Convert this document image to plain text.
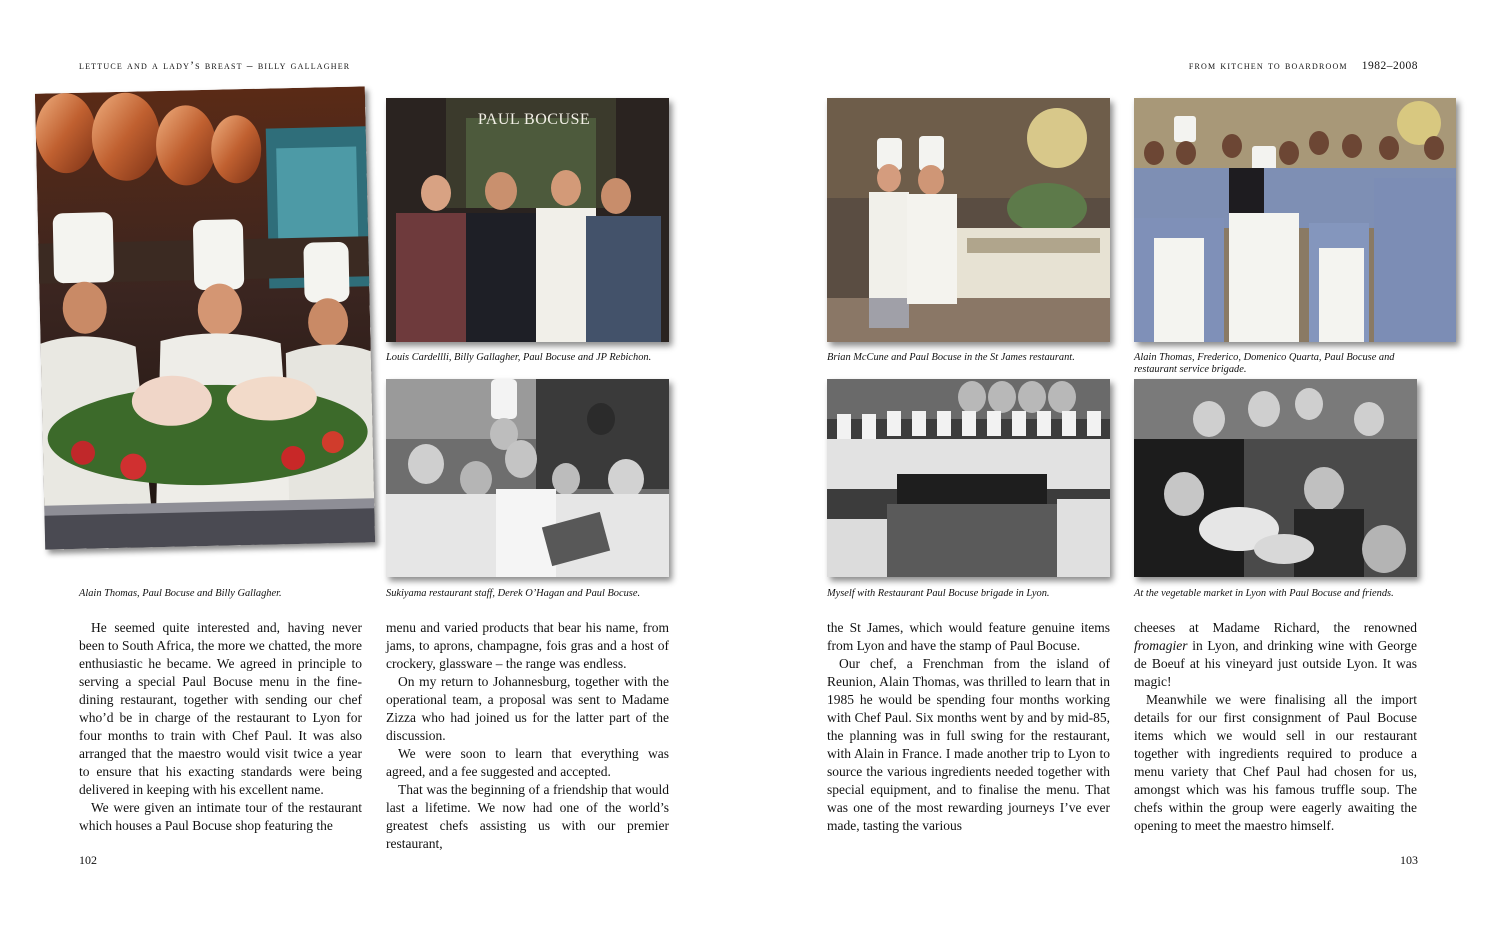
lettuce and a lady’s breast – billy gallagher	from kitchen to boardroom 1982–2008
Alain Thomas, Paul Bocuse and Billy Gallagher.
PAUL BOCUSE
Louis Cardellli, Billy Gallagher, Paul Bocuse and JP Rebichon.
Sukiyama restaurant staff, Derek O’Hagan and Paul Bocuse.
Brian McCune and Paul Bocuse in the St James restaurant.	Alain Thomas, Frederico, Domenico Quarta, Paul Bocuse and restaurant service brigade.
Myself with Restaurant Paul Bocuse brigade in Lyon.	At the vegetable market in Lyon with Paul Bocuse and friends.

He seemed quite interested and, having never been to South Africa, the more we chatted, the more enthusiastic he became. We agreed in principle to serving a special Paul Bocuse menu in the fine-dining restaurant, together with sending our chef who’d be in charge of the restaurant to Lyon for four months to train with Chef Paul. It was also arranged that the maestro would visit twice a year to ensure that his exacting standards were being delivered in keeping with his excellent name.

We were given an intimate tour of the restaurant which houses a Paul Bocuse shop featuring the

menu and varied products that bear his name, from jams, to aprons, champagne, fois gras and a host of crockery, glassware – the range was endless.

On my return to Johannesburg, together with the operational team, a proposal was sent to Madame Zizza who had joined us for the latter part of the discussion.

We were soon to learn that everything was agreed, and a fee suggested and accepted.

That was the beginning of a friendship that would last a lifetime. We now had one of the world’s greatest chefs assisting us with our premier restaurant,

the St James, which would feature genuine items from Lyon and have the stamp of Paul Bocuse.

Our chef, a Frenchman from the island of Reunion, Alain Thomas, was thrilled to learn that in 1985 he would be spending four months working with Chef Paul. Six months went by and by mid-85, the planning was in full swing for the restaurant, with Alain in France. I made another trip to Lyon to source the various ingredients needed together with special equipment, and to finalise the menu. That was one of the most rewarding journeys I’ve ever made, tasting the various

cheeses at Madame Richard, the renowned fromagier in Lyon, and drinking wine with George de Boeuf at his vineyard just outside Lyon. It was magic!

Meanwhile we were finalising all the import details for our first consignment of Paul Bocuse items which we would sell in our restaurant together with ingredients required to produce a menu variety that Chef Paul had chosen for us, amongst which was his famous truffle soup. The chefs within the group were eagerly awaiting the opening to meet the maestro himself.

102	103
